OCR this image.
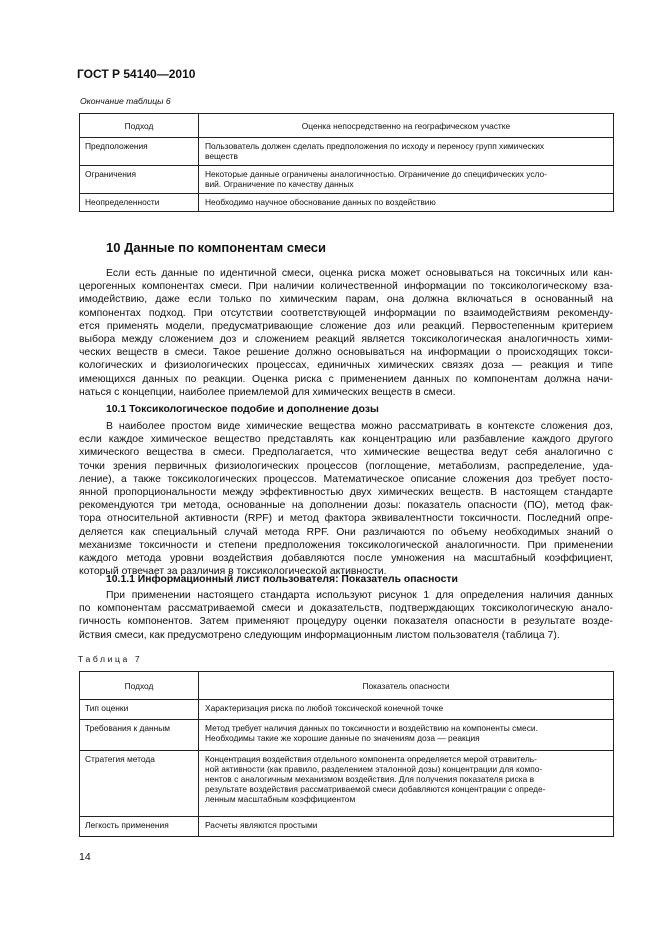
ГОСТ Р 54140—2010
Окончание таблицы 6
Подход	Оценка непосредственно на географическом участке
Предположения	Пользователь должен сделать предположения по исходу и переносу групп химических
веществ

Ограничения	Некоторые данные ограничены аналогичностью. Ограничение до специфических усло-
вий. Ограничение по качеству данных

Неопределенности	Необходимо научное обоснование данных по воздействию
10 Данные по компонентам смеси
Если есть данные по идентичной смеси, оценка риска может основываться на токсичных или кан-
церогенных компонентах смеси. При наличии количественной информации по токсикологическому вза-
имодействию, даже если только по химическим парам, она должна включаться в основанный на
компонентах подход. При отсутствии соответствующей информации по взаимодействиям рекоменду-
ется применять модели, предусматривающие сложение доз или реакций. Первостепенным критерием
выбора между сложением доз и сложением реакций является токсикологическая аналогичность хими-
ческих веществ в смеси. Такое решение должно основываться на информации о происходящих токси-
кологических и физиологических процессах, единичных химических связях доза — реакция и типе
имеющихся данных по реакции. Оценка риска с применением данных по компонентам должна начи-
наться с концепции, наиболее приемлемой для химических веществ в смеси.
10.1 Токсикологическое подобие и дополнение дозы
В наиболее простом виде химические вещества можно рассматривать в контексте сложения доз,
если каждое химическое вещество представлять как концентрацию или разбавление каждого другого
химического вещества в смеси. Предполагается, что химические вещества ведут себя аналогично с
точки зрения первичных физиологических процессов (поглощение, метаболизм, распределение, уда-
ление), а также токсикологических процессов. Математическое описание сложения доз требует посто-
янной пропорциональности между эффективностью двух химических веществ. В настоящем стандарте
рекомендуются три метода, основанные на дополнении дозы: показатель опасности (ПО), метод фак-
тора относительной активности (RPF) и метод фактора эквивалентности токсичности. Последний опре-
деляется как специальный случай метода RPF. Они различаются по объему необходимых знаний о
механизме токсичности и степени предположения токсикологической аналогичности. При применении
каждого метода уровни воздействия добавляются после умножения на масштабный коэффициент,
который отвечает за различия в токсикологической активности.
10.1.1 Информационный лист пользователя: Показатель опасности
При применении настоящего стандарта используют рисунок 1 для определения наличия данных
по компонентам рассматриваемой смеси и доказательств, подтверждающих токсикологическую анало-
гичность компонентов. Затем применяют процедуру оценки показателя опасности в результате возде-
йствия смеси, как предусмотрено следующим информационным листом пользователя (таблица 7).
Таблица 7
Подход	Показатель опасности
Тип оценки	Характеризация риска по любой токсической конечной точке

Требования к данным	Метод требует наличия данных по токсичности и воздействию на компоненты смеси.
Необходимы такие же хорошие данные по значениям доза — реакция

Стратегия метода	Концентрация воздействия отдельного компонента определяется мерой отравитель-
ной активности (как правило, разделением эталонной дозы) концентрации для компо-
нентов с аналогичным механизмом воздействия. Для получения показателя риска в
результате воздействия рассматриваемой смеси добавляются концентрации с опреде-
ленным масштабным коэффициентом

Легкость применения	Расчеты являются простыми
14
